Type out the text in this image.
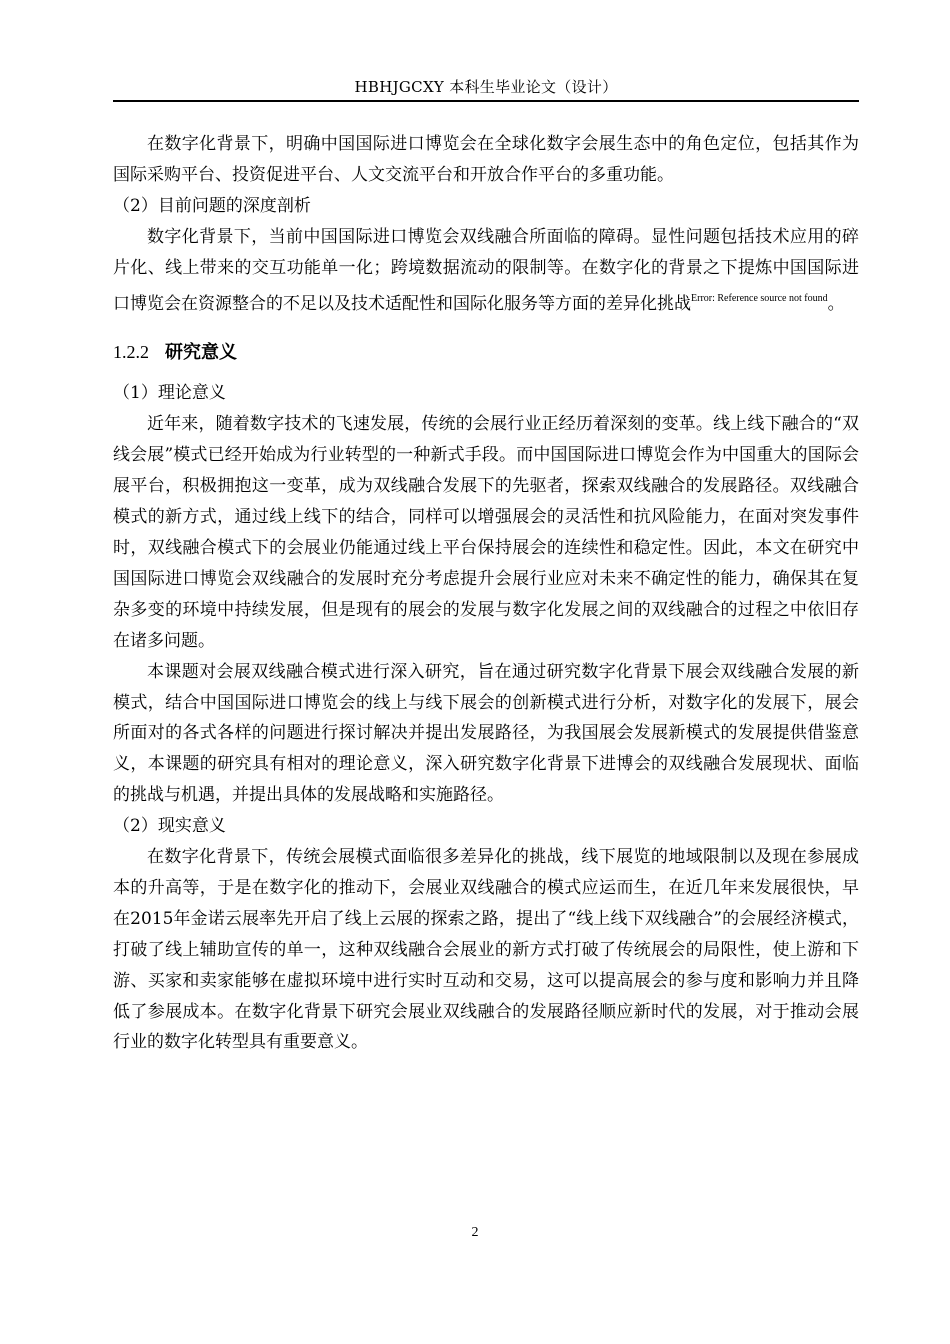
HBHJGCXY 本科生毕业论文（设计）

在数字化背景下，明确中国国际进口博览会在全球化数字会展生态中的角色定位，包括其作为国际采购平台、投资促进平台、人文交流平台和开放合作平台的多重功能。

（2）目前问题的深度剖析

数字化背景下，当前中国国际进口博览会双线融合所面临的障碍。显性问题包括技术应用的碎片化、线上带来的交互功能单一化；跨境数据流动的限制等。在数字化的背景之下提炼中国国际进口博览会在资源整合的不足以及技术适配性和国际化服务等方面的差异化挑战$^{Error: Reference source not found}$。

1.2.2 研究意义

（1）理论意义

近年来，随着数字技术的飞速发展，传统的会展行业正经历着深刻的变革。线上线下融合的“双线会展”模式已经开始成为行业转型的一种新式手段。而中国国际进口博览会作为中国重大的国际会展平台，积极拥抱这一变革，成为双线融合发展下的先驱者，探索双线融合的发展路径。双线融合模式的新方式，通过线上线下的结合，同样可以增强展会的灵活性和抗风险能力，在面对突发事件时，双线融合模式下的会展业仍能通过线上平台保持展会的连续性和稳定性。因此，本文在研究中国国际进口博览会双线融合的发展时充分考虑提升会展行业应对未来不确定性的能力，确保其在复杂多变的环境中持续发展，但是现有的展会的发展与数字化发展之间的双线融合的过程之中依旧存在诸多问题。

本课题对会展双线融合模式进行深入研究，旨在通过研究数字化背景下展会双线融合发展的新模式，结合中国国际进口博览会的线上与线下展会的创新模式进行分析，对数字化的发展下，展会所面对的各式各样的问题进行探讨解决并提出发展路径，为我国展会发展新模式的发展提供借鉴意义，本课题的研究具有相对的理论意义，深入研究数字化背景下进博会的双线融合发展现状、面临的挑战与机遇，并提出具体的发展战略和实施路径。

（2）现实意义

在数字化背景下，传统会展模式面临很多差异化的挑战，线下展览的地域限制以及现在参展成本的升高等，于是在数字化的推动下，会展业双线融合的模式应运而生，在近几年来发展很快，早在2015年金诺云展率先开启了线上云展的探索之路，提出了“线上线下双线融合”的会展经济模式，打破了线上辅助宣传的单一，这种双线融合会展业的新方式打破了传统展会的局限性，使上游和下游、买家和卖家能够在虚拟环境中进行实时互动和交易，这可以提高展会的参与度和影响力并且降低了参展成本。在数字化背景下研究会展业双线融合的发展路径顺应新时代的发展，对于推动会展行业的数字化转型具有重要意义。

2
